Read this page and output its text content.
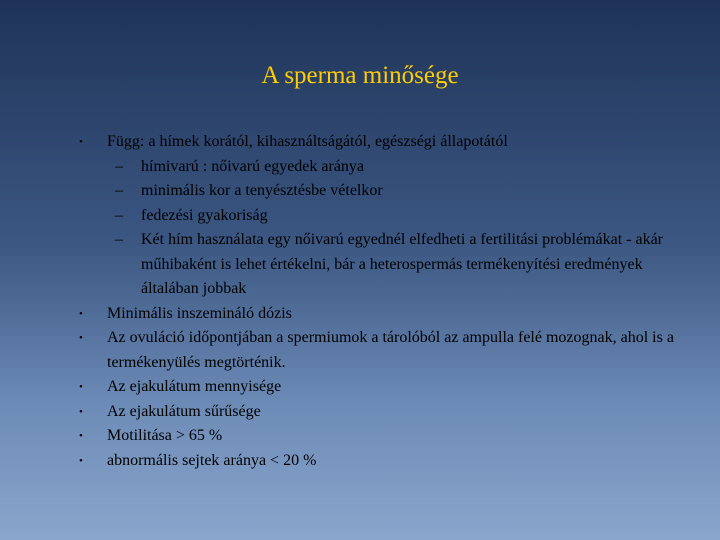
A sperma minősége
• Függ: a hímek korától, kihasználtságától, egészségi állapotától
– hímivarú : nőivarú egyedek aránya
– minimális kor a tenyésztésbe vételkor
– fedezési gyakoriság
– Két hím használata egy nőivarú egyednél elfedheti a fertilitási problémákat - akár műhibaként is lehet értékelni, bár a heterospermás termékenyítési eredmények általában jobbak
• Minimális inszemináló dózis
• Az ovuláció időpontjában a spermiumok a tárolóból az ampulla felé mozognak, ahol is a termékenyülés megtörténik.
• Az ejakulátum mennyisége
• Az ejakulátum sűrűsége
• Motilitása > 65 %
• abnormális sejtek aránya < 20 %
